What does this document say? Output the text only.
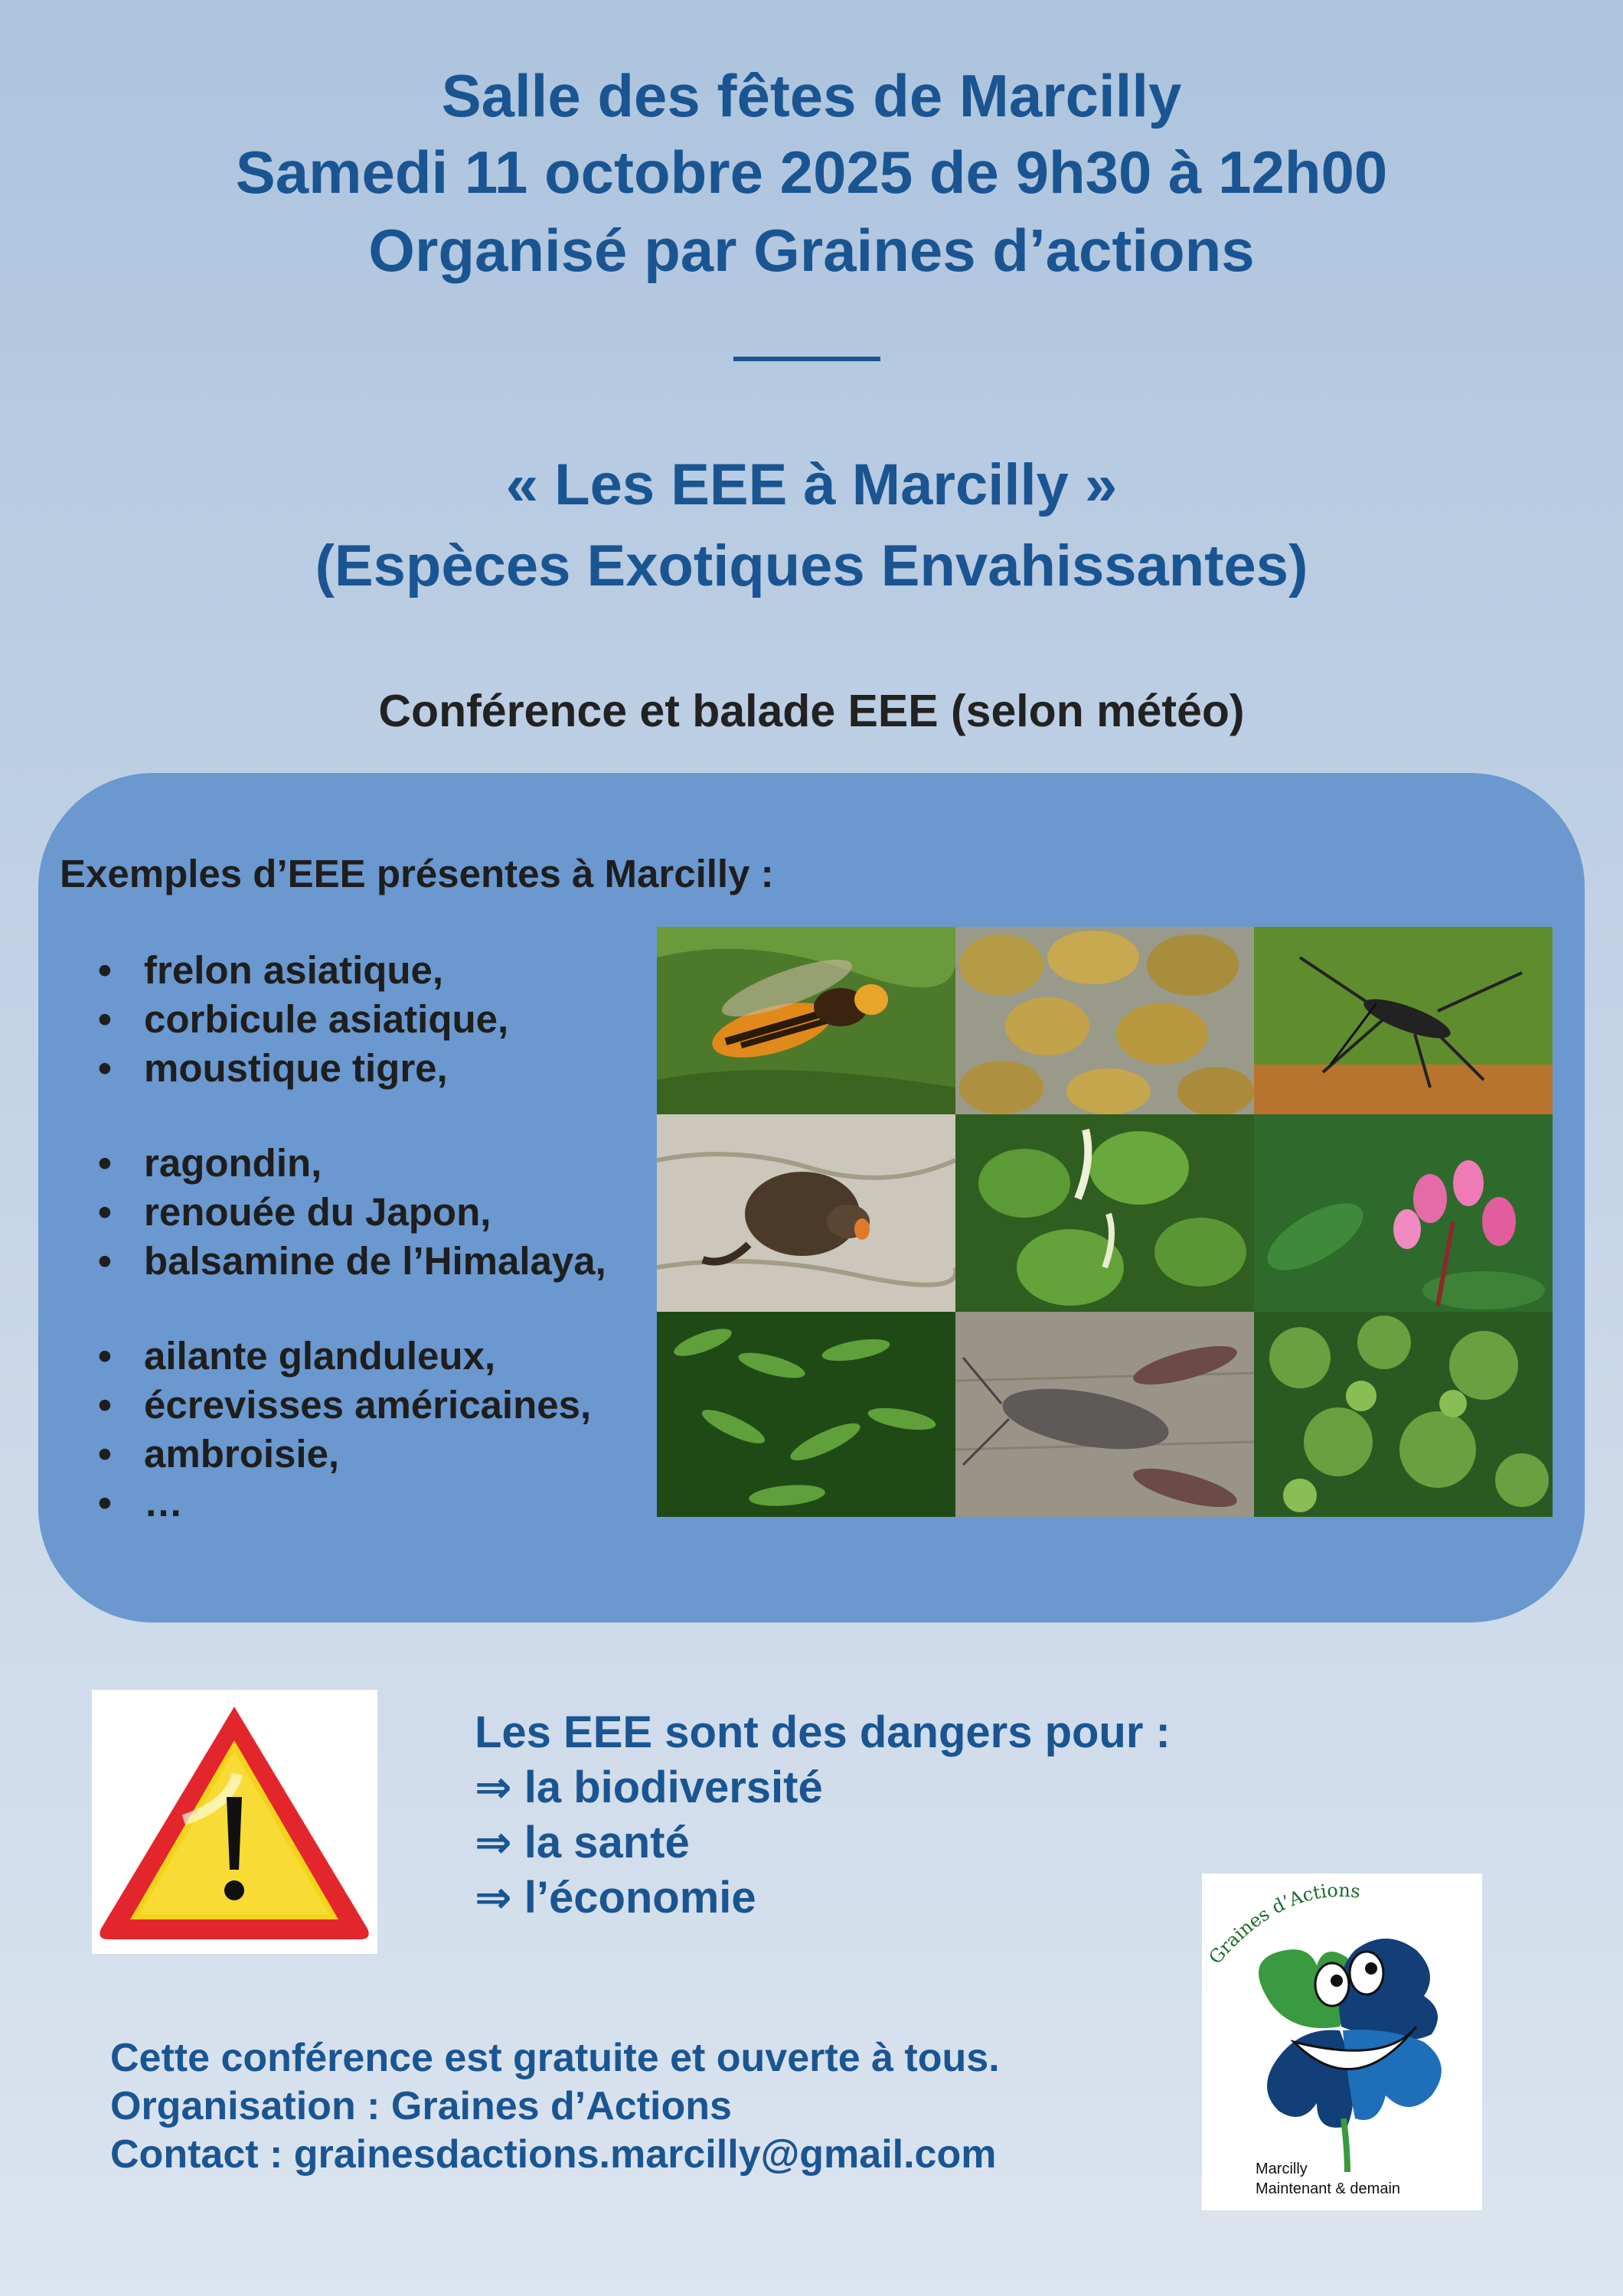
Salle des fêtes de Marcilly
Samedi 11 octobre 2025 de 9h30 à 12h00
Organisé par Graines d’actions
« Les EEE à Marcilly »
(Espèces Exotiques Envahissantes)
Conférence et balade EEE (selon météo)
Exemples d’EEE présentes à Marcilly :
• frelon asiatique,
• corbicule asiatique,
• moustique tigre,
• ragondin,
• renouée du Japon,
• balsamine de l’Himalaya,
• ailante glanduleux,
• écrevisses américaines,
• ambroisie,
• …
Les EEE sont des dangers pour :
⇒ la biodiversité
⇒ la santé
⇒ l’économie
Cette conférence est gratuite et ouverte à tous.
Organisation : Graines d’Actions
Contact : grainesdactions.marcilly@gmail.com
Graines d’Actions
Marcilly
Maintenant & demain
